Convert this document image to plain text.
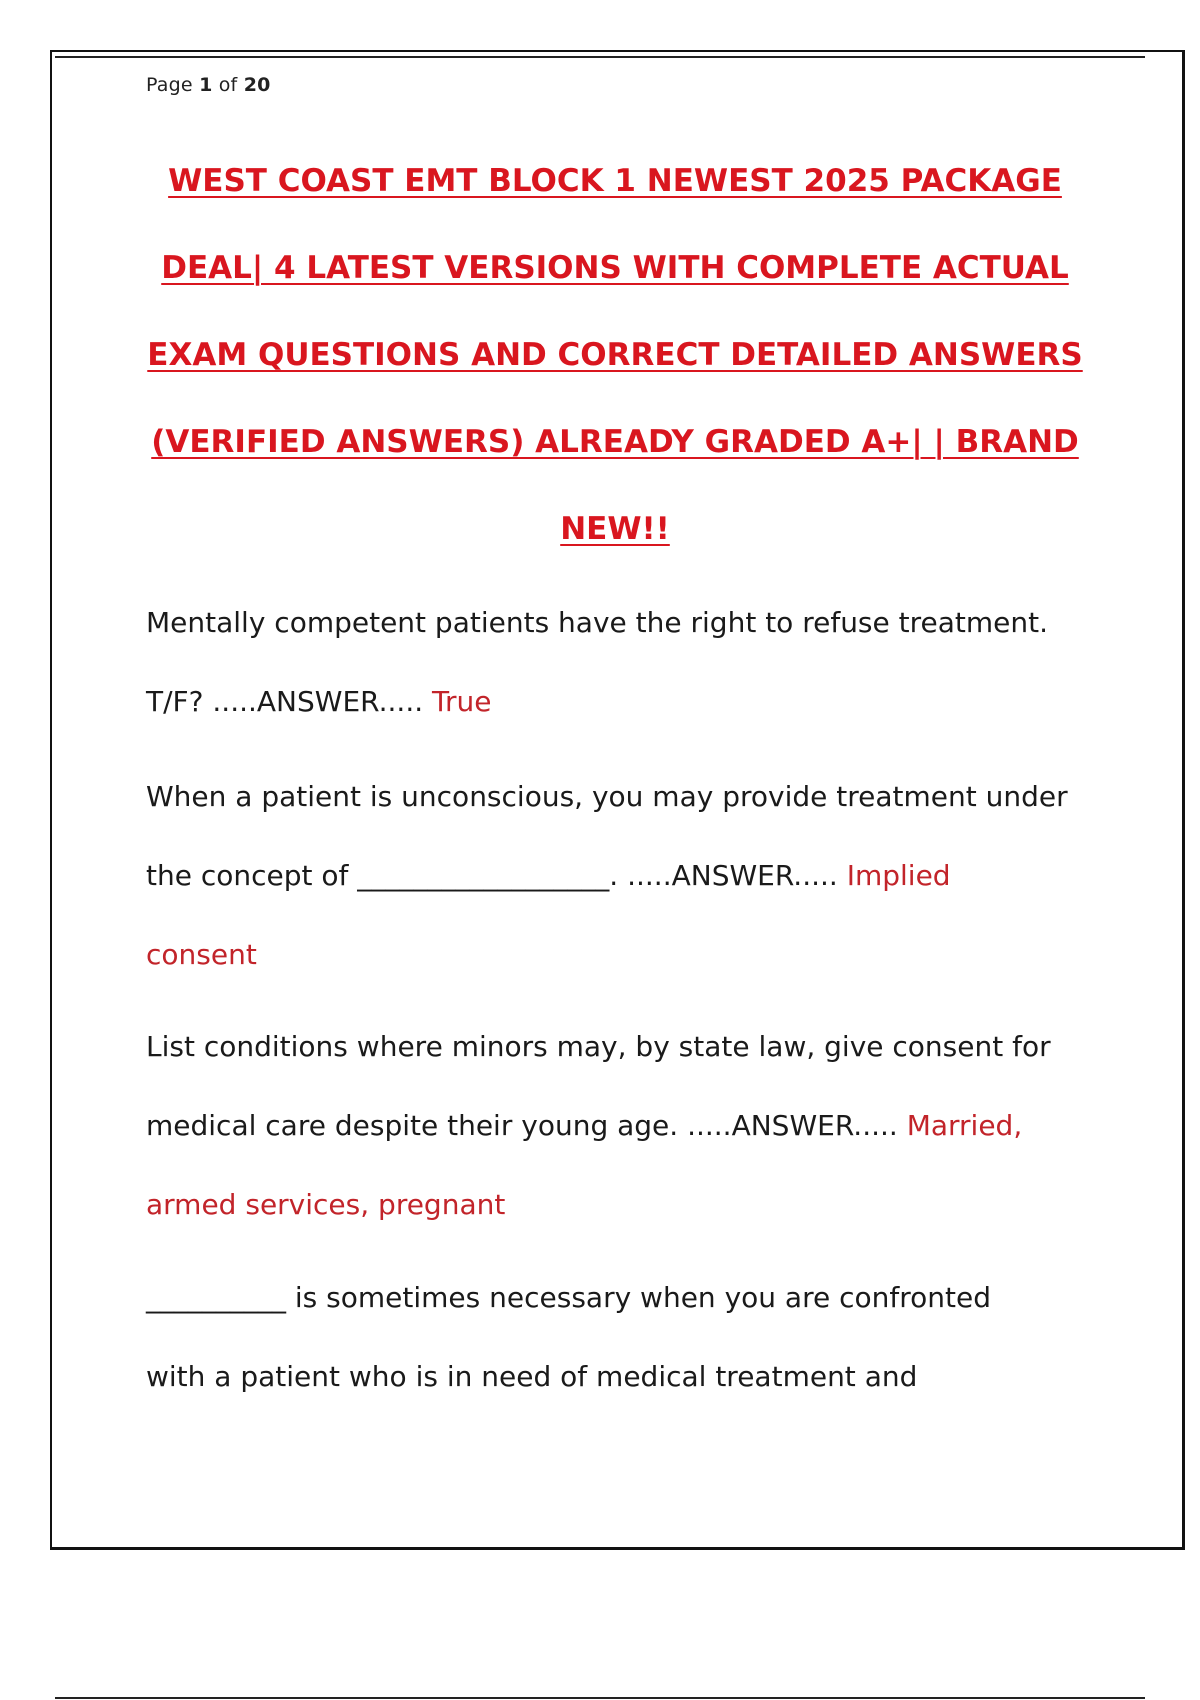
Page 1 of 20
WEST COAST EMT BLOCK 1 NEWEST 2025 PACKAGE
DEAL| 4 LATEST VERSIONS WITH COMPLETE ACTUAL
EXAM QUESTIONS AND CORRECT DETAILED ANSWERS
(VERIFIED ANSWERS) ALREADY GRADED A+| | BRAND
NEW!!
Mentally competent patients have the right to refuse treatment.
T/F? .....ANSWER..... True
When a patient is unconscious, you may provide treatment under
the concept of __________________. .....ANSWER..... Implied
consent
List conditions where minors may, by state law, give consent for
medical care despite their young age. .....ANSWER..... Married,
armed services, pregnant
__________ is sometimes necessary when you are confronted
with a patient who is in need of medical treatment and
